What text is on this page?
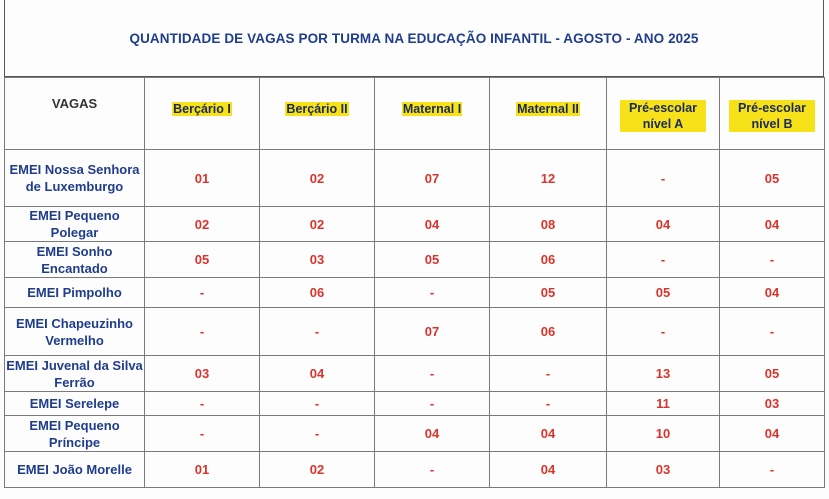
QUANTIDADE DE VAGAS POR TURMA NA EDUCAÇÃO INFANTIL - AGOSTO - ANO 2025
VAGAS	Berçário I	Berçário II	Maternal I	Maternal II	Pré-escolar nível A	Pré-escolar nível B
EMEI Nossa Senhora de Luxemburgo	01	02	07	12	-	05
EMEI Pequeno Polegar	02	02	04	08	04	04
EMEI Sonho Encantado	05	03	05	06	-	-
EMEI Pimpolho	-	06	-	05	05	04
EMEI Chapeuzinho Vermelho	-	-	07	06	-	-
EMEI Juvenal da Silva Ferrão	03	04	-	-	13	05
EMEI Serelepe	-	-	-	-	11	03
EMEI Pequeno Príncipe	-	-	04	04	10	04
EMEI João Morelle	01	02	-	04	03	-
